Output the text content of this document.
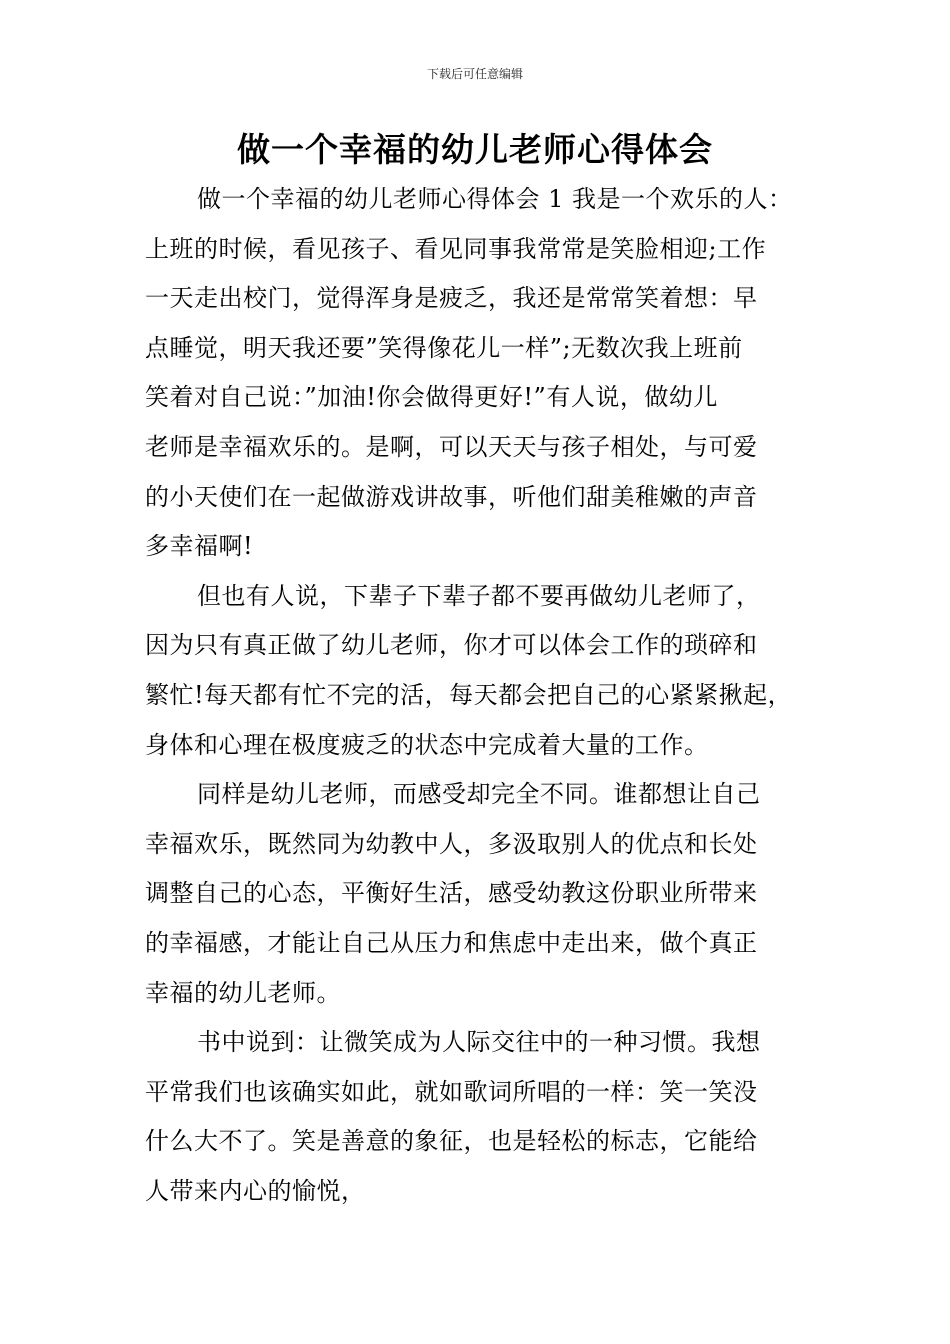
下载后可任意编辑
做一个幸福的幼儿老师心得体会

做一个幸福的幼儿老师心得体会 1 我是一个欢乐的人：
上班的时候，看见孩子、看见同事我常常是笑脸相迎;工作
一天走出校门，觉得浑身是疲乏，我还是常常笑着想：早
点睡觉，明天我还要”笑得像花儿一样”;无数次我上班前
笑着对自己说：”加油!你会做得更好!”有人说，做幼儿
老师是幸福欢乐的。是啊，可以天天与孩子相处，与可爱
的小天使们在一起做游戏讲故事，听他们甜美稚嫩的声音
多幸福啊!

但也有人说，下辈子下辈子都不要再做幼儿老师了，
因为只有真正做了幼儿老师，你才可以体会工作的琐碎和
繁忙!每天都有忙不完的活，每天都会把自己的心紧紧揪起，
身体和心理在极度疲乏的状态中完成着大量的工作。

同样是幼儿老师，而感受却完全不同。谁都想让自己
幸福欢乐，既然同为幼教中人，多汲取别人的优点和长处
调整自己的心态，平衡好生活，感受幼教这份职业所带来
的幸福感，才能让自己从压力和焦虑中走出来，做个真正
幸福的幼儿老师。

书中说到：让微笑成为人际交往中的一种习惯。我想
平常我们也该确实如此，就如歌词所唱的一样：笑一笑没
什么大不了。笑是善意的象征，也是轻松的标志，它能给
人带来内心的愉悦，
